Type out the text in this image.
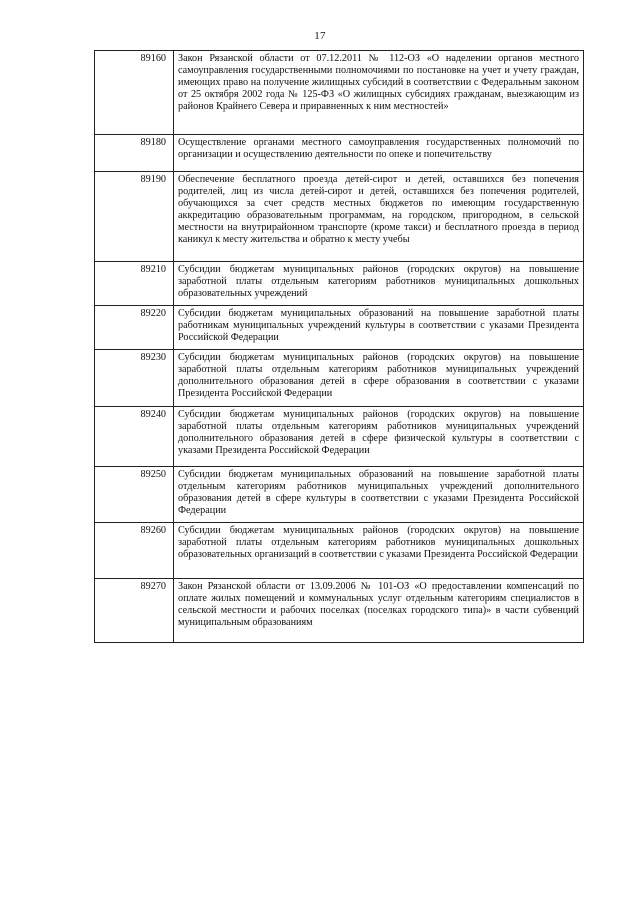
17
89160	Закон Рязанской области от 07.12.2011 № 112-ОЗ «О наделении органов местного самоуправления государственными полномочиями по постановке на учет и учету граждан, имеющих право на получение жилищных субсидий в соответствии с Федеральным законом от 25 октября 2002 года № 125-ФЗ «О жилищных субсидиях гражданам, выезжающим из районов Крайнего Севера и приравненных к ним местностей»
89180	Осуществление органами местного самоуправления государственных полномочий по организации и осуществлению деятельности по опеке и попечительству
89190	Обеспечение бесплатного проезда детей-сирот и детей, оставшихся без попечения родителей, лиц из числа детей-сирот и детей, оставшихся без попечения родителей, обучающихся за счет средств местных бюджетов по имеющим государственную аккредитацию образовательным программам, на городском, пригородном, в сельской местности на внутрирайонном транспорте (кроме такси) и бесплатного проезда в период каникул к месту жительства и обратно к месту учебы
89210	Субсидии бюджетам муниципальных районов (городских округов) на повышение заработной платы отдельным категориям работников муниципальных дошкольных образовательных учреждений
89220	Субсидии бюджетам муниципальных образований на повышение заработной платы работникам муниципальных учреждений культуры в соответствии с указами Президента Российской Федерации
89230	Субсидии бюджетам муниципальных районов (городских округов) на повышение заработной платы отдельным категориям работников муниципальных учреждений дополнительного образования детей в сфере образования в соответствии с указами Президента Российской Федерации
89240	Субсидии бюджетам муниципальных районов (городских округов) на повышение заработной платы отдельным категориям работников муниципальных учреждений дополнительного образования детей в сфере физической культуры в соответствии с указами Президента Российской Федерации
89250	Субсидии бюджетам муниципальных образований на повышение заработной платы отдельным категориям работников муниципальных учреждений дополнительного образования детей в сфере культуры в соответствии с указами Президента Российской Федерации
89260	Субсидии бюджетам муниципальных районов (городских округов) на повышение заработной платы отдельным категориям работников муниципальных дошкольных образовательных организаций в соответствии с указами Президента Российской Федерации
89270	Закон Рязанской области от 13.09.2006 № 101-ОЗ «О предоставлении компенсаций по оплате жилых помещений и коммунальных услуг отдельным категориям специалистов в сельской местности и рабочих поселках (поселках городского типа)» в части субвенций муниципальным образованиям
